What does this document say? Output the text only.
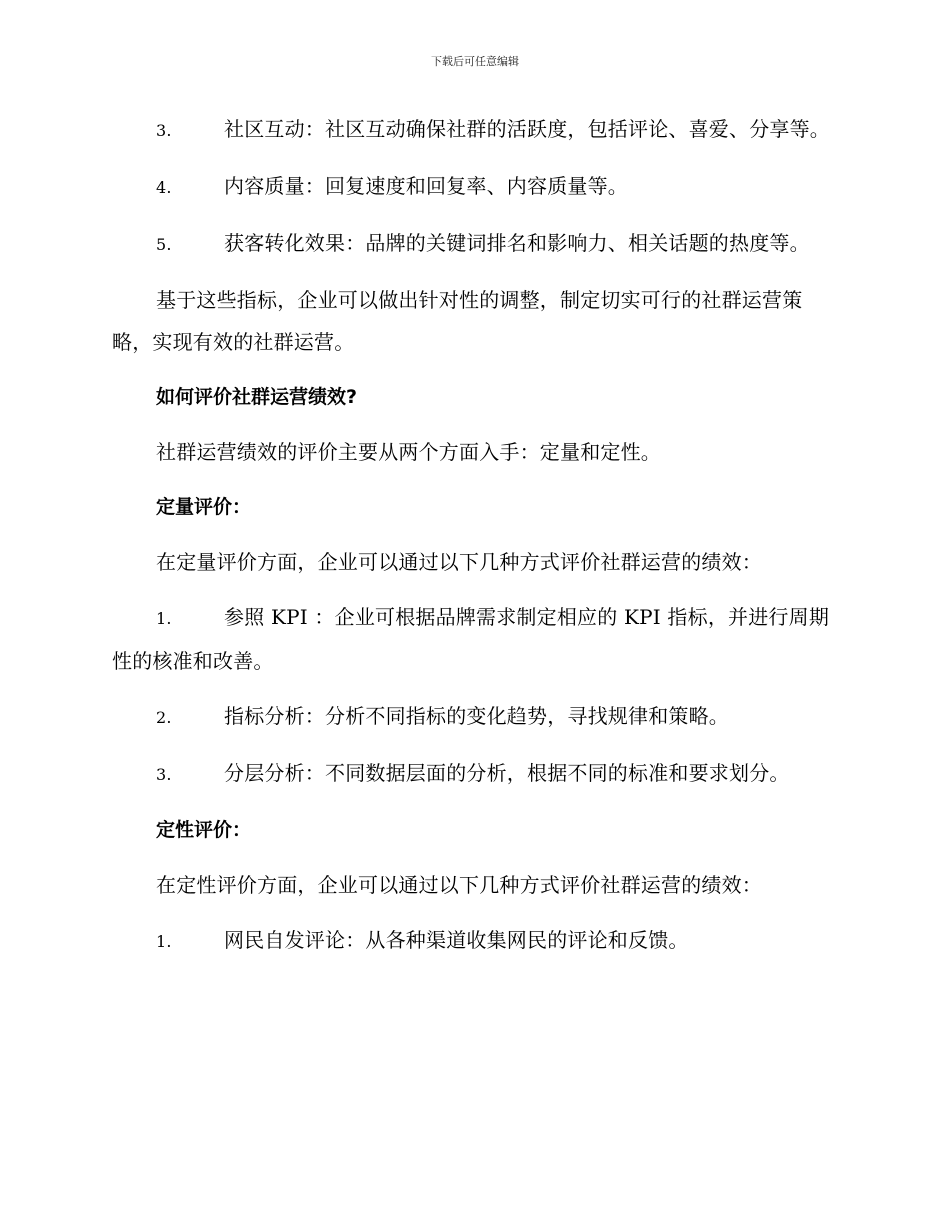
下载后可任意编辑

3.	社区互动：社区互动确保社群的活跃度，包括评论、喜爱、分享等。

4.	内容质量：回复速度和回复率、内容质量等。

5.	获客转化效果：品牌的关键词排名和影响力、相关话题的热度等。

基于这些指标，企业可以做出针对性的调整，制定切实可行的社群运营策略，实现有效的社群运营。

如何评价社群运营绩效?

社群运营绩效的评价主要从两个方面入手：定量和定性。

定量评价：

在定量评价方面，企业可以通过以下几种方式评价社群运营的绩效：

1.	参照 KPI ：企业可根据品牌需求制定相应的 KPI 指标，并进行周期性的核准和改善。

2.	指标分析：分析不同指标的变化趋势，寻找规律和策略。

3.	分层分析：不同数据层面的分析，根据不同的标准和要求划分。

定性评价：

在定性评价方面，企业可以通过以下几种方式评价社群运营的绩效：

1.	网民自发评论：从各种渠道收集网民的评论和反馈。
